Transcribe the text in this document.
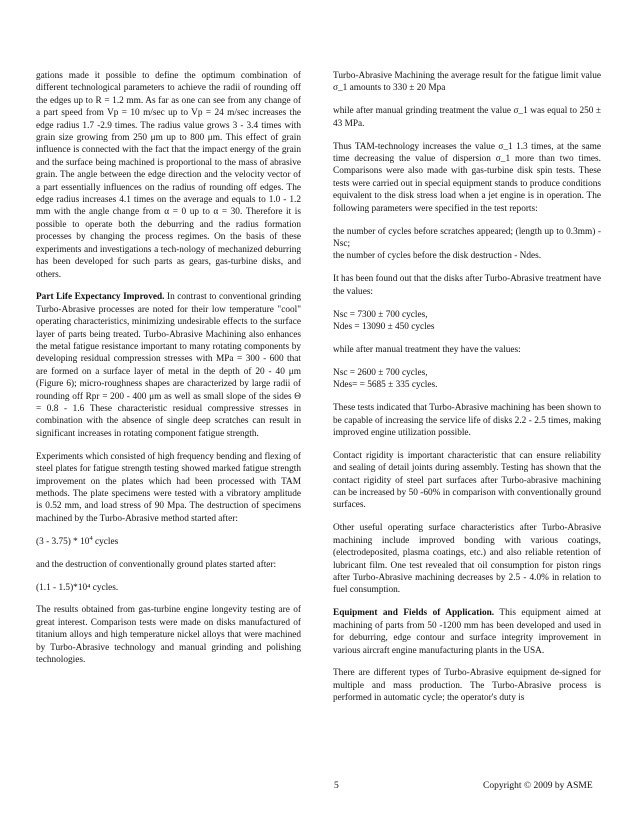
gations made it possible to define the optimum combination of different technological parameters to achieve the radii of rounding off the edges up to R = 1.2 mm. As far as one can see from any change of a part speed from Vp = 10 m/sec up to Vp = 24 m/sec increases the edge radius 1.7 -2.9 times. The radius value grows 3 - 3.4 times with grain size growing from 250 μm up to 800 μm. This effect of grain influence is connected with the fact that the impact energy of the grain and the surface being machined is proportional to the mass of abrasive grain. The angle between the edge direction and the velocity vector of a part essentially influences on the radius of rounding off edges. The edge radius increases 4.1 times on the average and equals to 1.0 - 1.2 mm with the angle change from α = 0 up to α = 30. Therefore it is possible to operate both the deburring and the radius formation processes by changing the process regimes. On the basis of these experiments and investigations a tech-nology of mechanized deburring has been developed for such parts as gears, gas-turbine disks, and others.

Part Life Expectancy Improved. In contrast to conventional grinding Turbo-Abrasive processes are noted for their low temperature "cool" operating characteristics, minimizing undesirable effects to the surface layer of parts being treated. Turbo-Abrasive Machining also enhances the metal fatigue resistance important to many rotating components by developing residual compression stresses with MPa = 300 - 600 that are formed on a surface layer of metal in the depth of 20 - 40 μm (Figure 6); micro-roughness shapes are characterized by large radii of rounding off Rpr = 200 - 400 μm as well as small slope of the sides Θ = 0.8 - 1.6 These characteristic residual compressive stresses in combination with the absence of single deep scratches can result in significant increases in rotating component fatigue strength.

Experiments which consisted of high frequency bending and flexing of steel plates for fatigue strength testing showed marked fatigue strength improvement on the plates which had been processed with TAM methods. The plate specimens were tested with a vibratory amplitude is 0.52 mm, and load stress of 90 Mpa. The destruction of specimens machined by the Turbo-Abrasive method started after:

$(3 - 3.75) * 10^4$ cycles

and the destruction of conventionally ground plates started after:

(1.1 - 1.5)*10⁴ cycles.

The results obtained from gas-turbine engine longevity testing are of great interest. Comparison tests were made on disks manufactured of titanium alloys and high temperature nickel alloys that were machined by Turbo-Abrasive technology and manual grinding and polishing technologies.

Turbo-Abrasive Machining the average result for the fatigue limit value σ_1 amounts to 330 ± 20 Mpa

while after manual grinding treatment the value σ_1 was equal to 250 ± 43 MPa.

Thus TAM-technology increases the value σ_1 1.3 times, at the same time decreasing the value of dispersion σ_1 more than two times. Comparisons were also made with gas-turbine disk spin tests. These tests were carried out in special equipment stands to produce conditions equivalent to the disk stress load when a jet engine is in operation. The following parameters were specified in the test reports:

the number of cycles before scratches appeared; (length up to 0.3mm) - Nsc;

the number of cycles before the disk destruction - Ndes.

It has been found out that the disks after Turbo-Abrasive treatment have the values:

Nsc = 7300 ± 700 cycles,

Ndes = 13090 ± 450 cycles

while after manual treatment they have the values:

Nsc = 2600 ± 700 cycles,

Ndes= = 5685 ± 335 cycles.

These tests indicated that Turbo-Abrasive machining has been shown to be capable of increasing the service life of disks 2.2 - 2.5 times, making improved engine utilization possible.

Contact rigidity is important characteristic that can ensure reliability and sealing of detail joints during assembly. Testing has shown that the contact rigidity of steel part surfaces after Turbo-abrasive machining can be increased by 50 -60% in comparison with conventionally ground surfaces.

Other useful operating surface characteristics after Turbo-Abrasive machining include improved bonding with various coatings, (electrodeposited, plasma coatings, etc.) and also reliable retention of lubricant film. One test revealed that oil consumption for piston rings after Turbo-Abrasive machining decreases by 2.5 - 4.0% in relation to fuel consumption.

Equipment and Fields of Application. This equipment aimed at machining of parts from 50 -1200 mm has been developed and used in for deburring, edge contour and surface integrity improvement in various aircraft engine manufacturing plants in the USA.

There are different types of Turbo-Abrasive equipment de-signed for multiple and mass production. The Turbo-Abrasive process is performed in automatic cycle; the operator's duty is

5	Copyright © 2009 by ASME
